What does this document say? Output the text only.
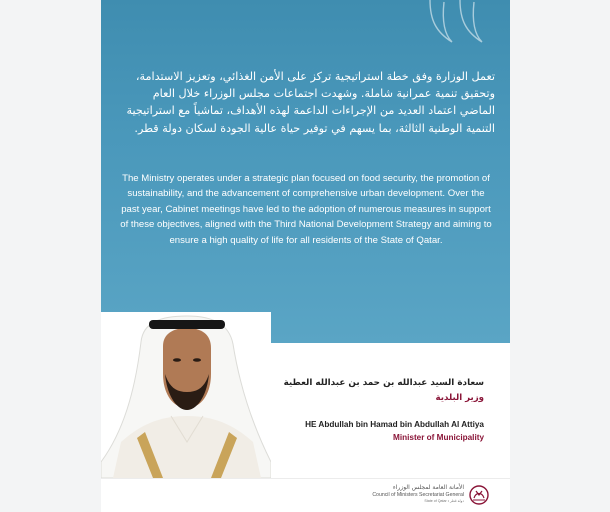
تعمل الوزارة وفق خطة استراتيجية تركز على الأمن الغذائي، وتعزيز الاستدامة، وتحقيق تنمية عمرانية شاملة. وشهدت اجتماعات مجلس الوزراء خلال العام الماضي اعتماد العديد من الإجراءات الداعمة لهذه الأهداف، تماشياً مع استراتيجية التنمية الوطنية الثالثة، بما يسهم في توفير حياة عالية الجودة لسكان دولة قطر.
The Ministry operates under a strategic plan focused on food security, the promotion of sustainability, and the advancement of comprehensive urban development. Over the past year, Cabinet meetings have led to the adoption of numerous measures in support of these objectives, aligned with the Third National Development Strategy and aiming to ensure a high quality of life for all residents of the State of Qatar.
سعادة السيد عبدالله بن حمد بن عبدالله العطية
وزير البلدية
HE Abdullah bin Hamad bin Abdullah Al Attiya
Minister of Municipality
الأمانة العامة لمجلس الوزراء
Council of Ministers Secretariat General
State of Qatar • دولة قطر
